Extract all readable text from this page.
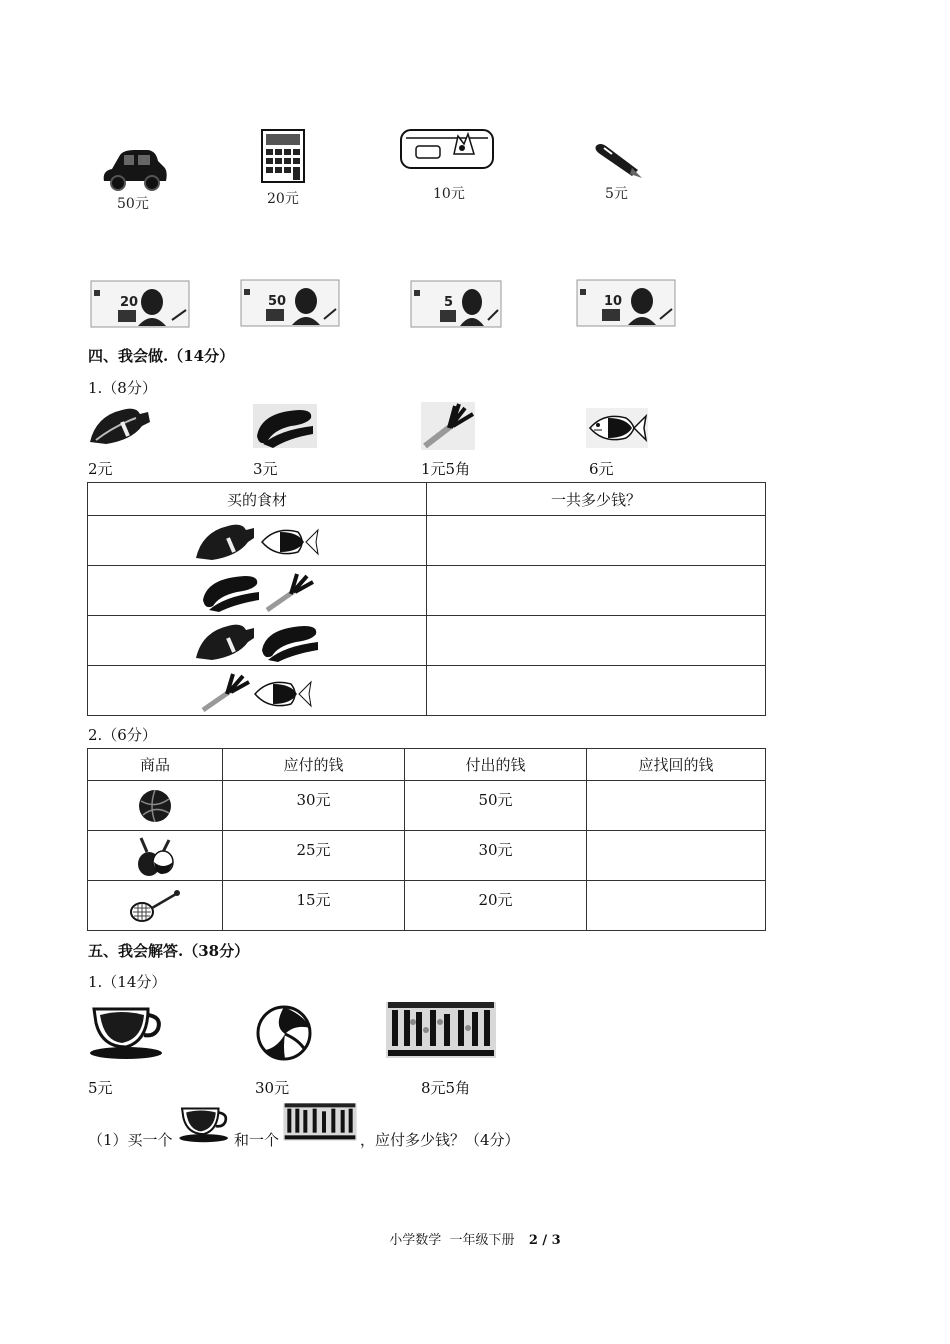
50元	20元	10元	5元
20	50	5	10
四、我会做.（14分）
1.（8分）
2元	3元	1元5角	6元
买的食材	一共多少钱？

2.（6分）
商品	应付的钱	付出的钱	应找回的钱

	30元	50元	

	25元	30元	

	15元	20元	
五、我会解答.（38分）
1.（14分）
5元	30元	8元5角
（1）买一个	和一个	，应付多少钱？（4分）
小学数学  一年级下册 2 / 3
